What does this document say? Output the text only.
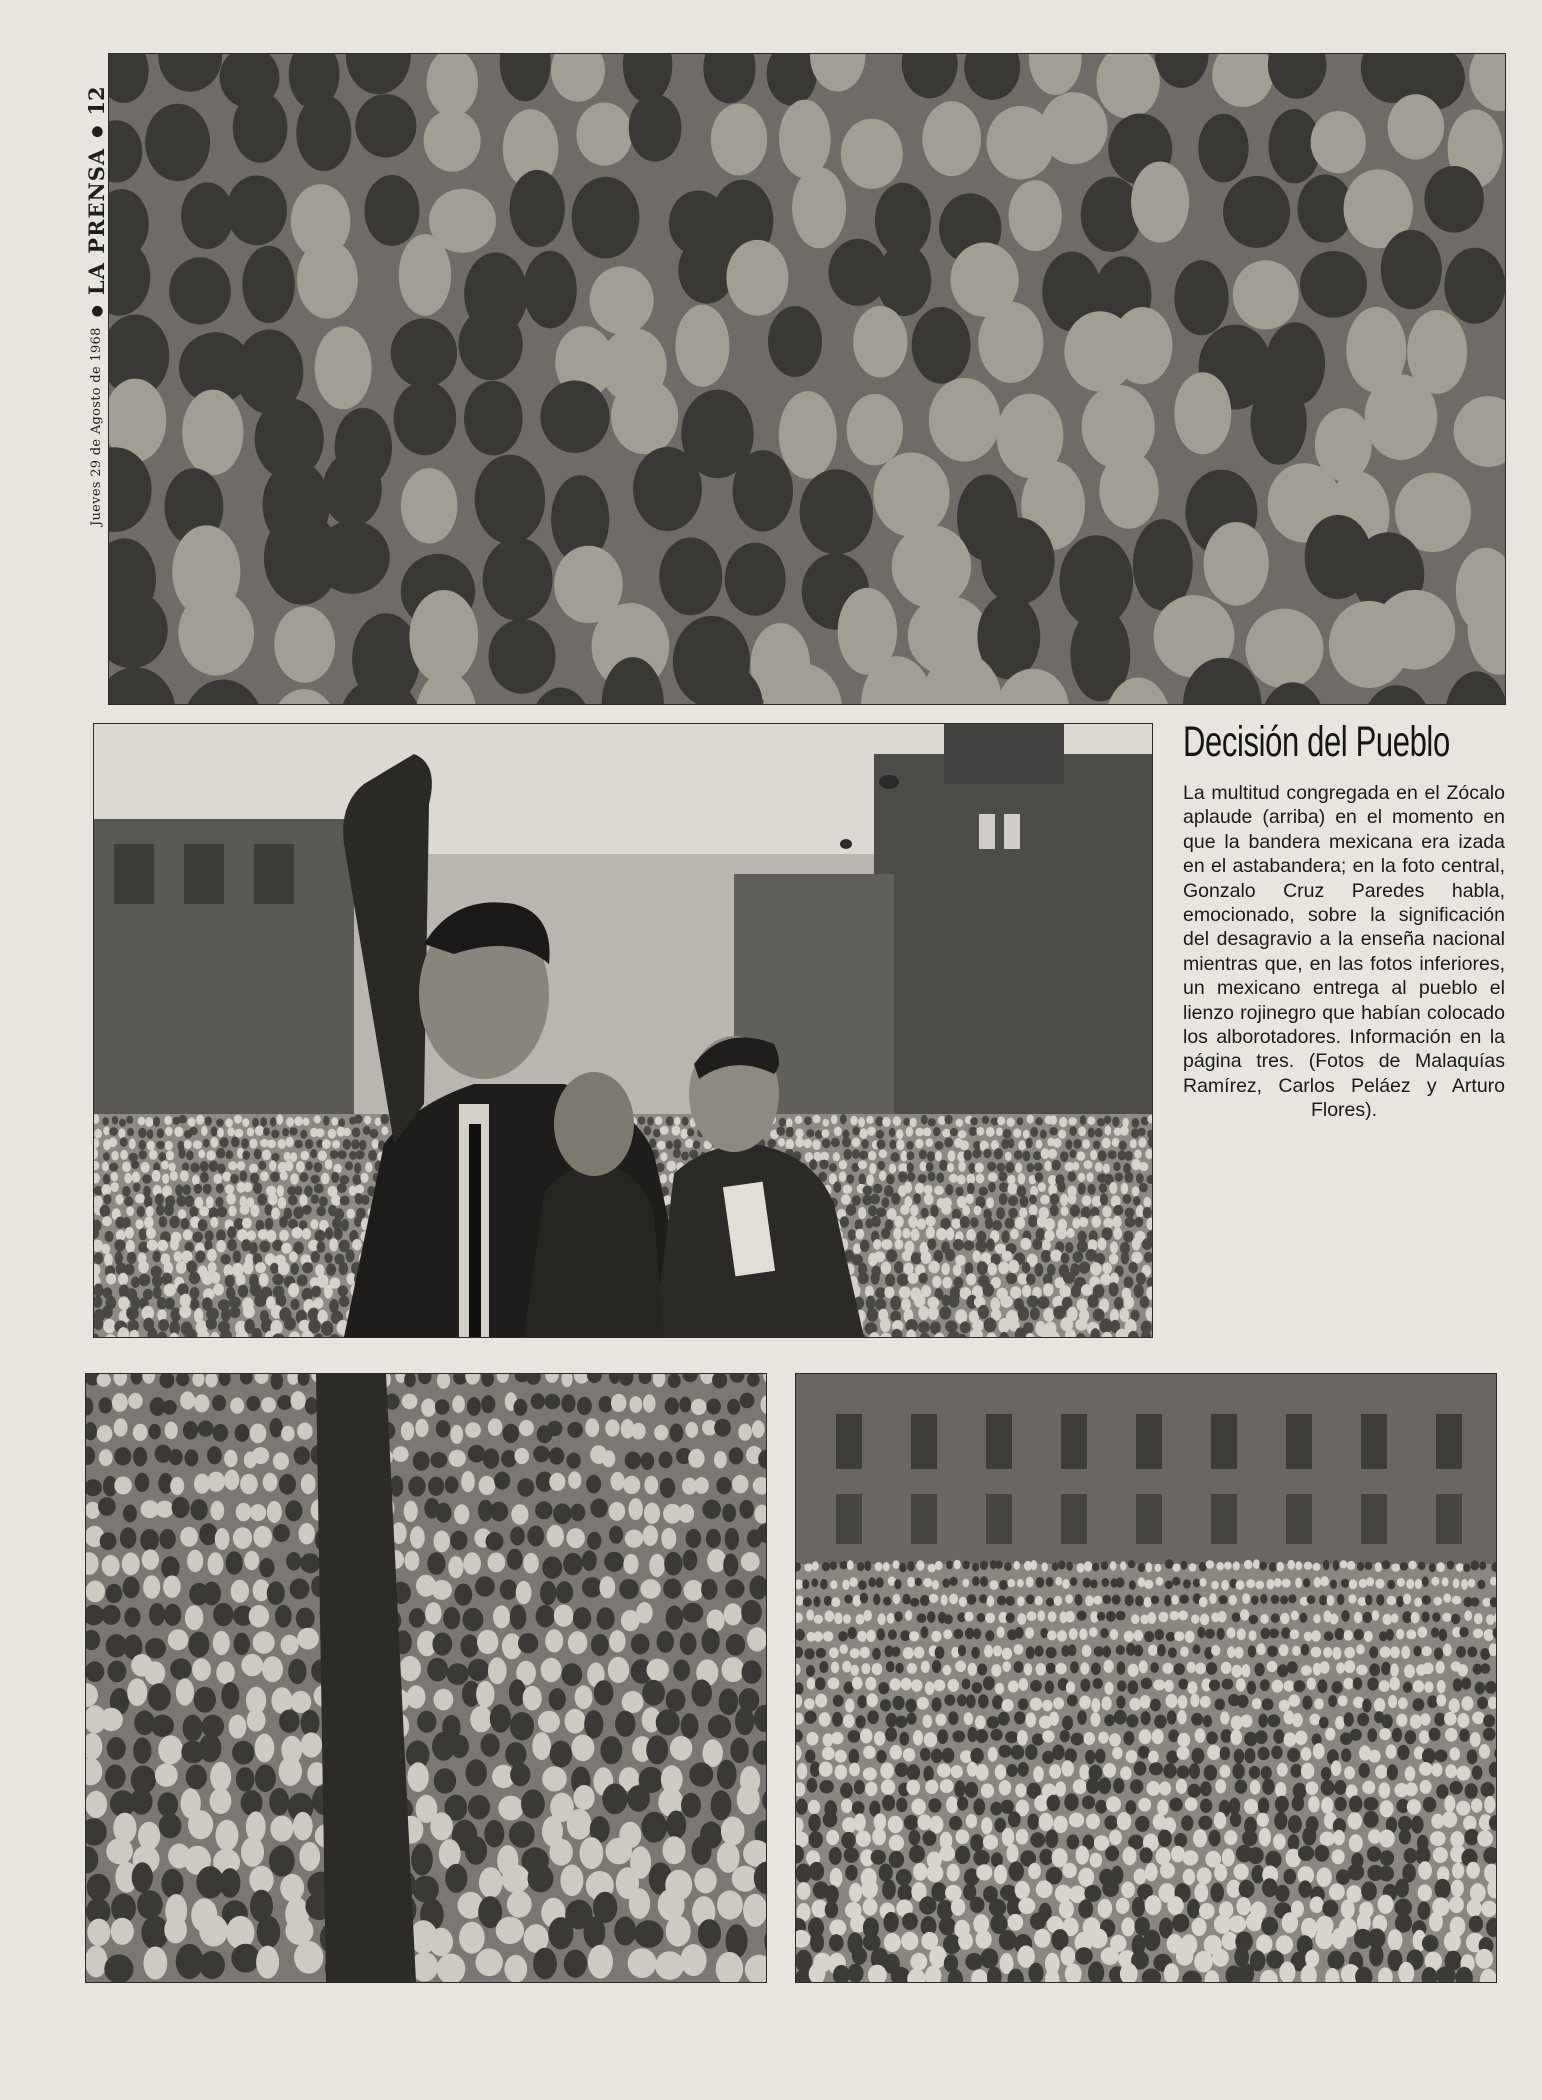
Jueves 29 de Agosto de 1968
●
LA PRENSA
●
12
Decisión del Pueblo

La multitud congregada en el Zócalo aplaude (arriba) en el momento en que la bandera mexicana era izada en el astabandera; en la foto central, Gonzalo Cruz Paredes habla, emocionado, sobre la significación del desagravio a la enseña nacional mientras que, en las fotos inferiores, un mexicano entrega al pueblo el lienzo rojinegro que habían colocado los alborotadores. Información en la página tres. (Fotos de Malaquías Ramírez, Carlos Peláez y Arturo Flores).
